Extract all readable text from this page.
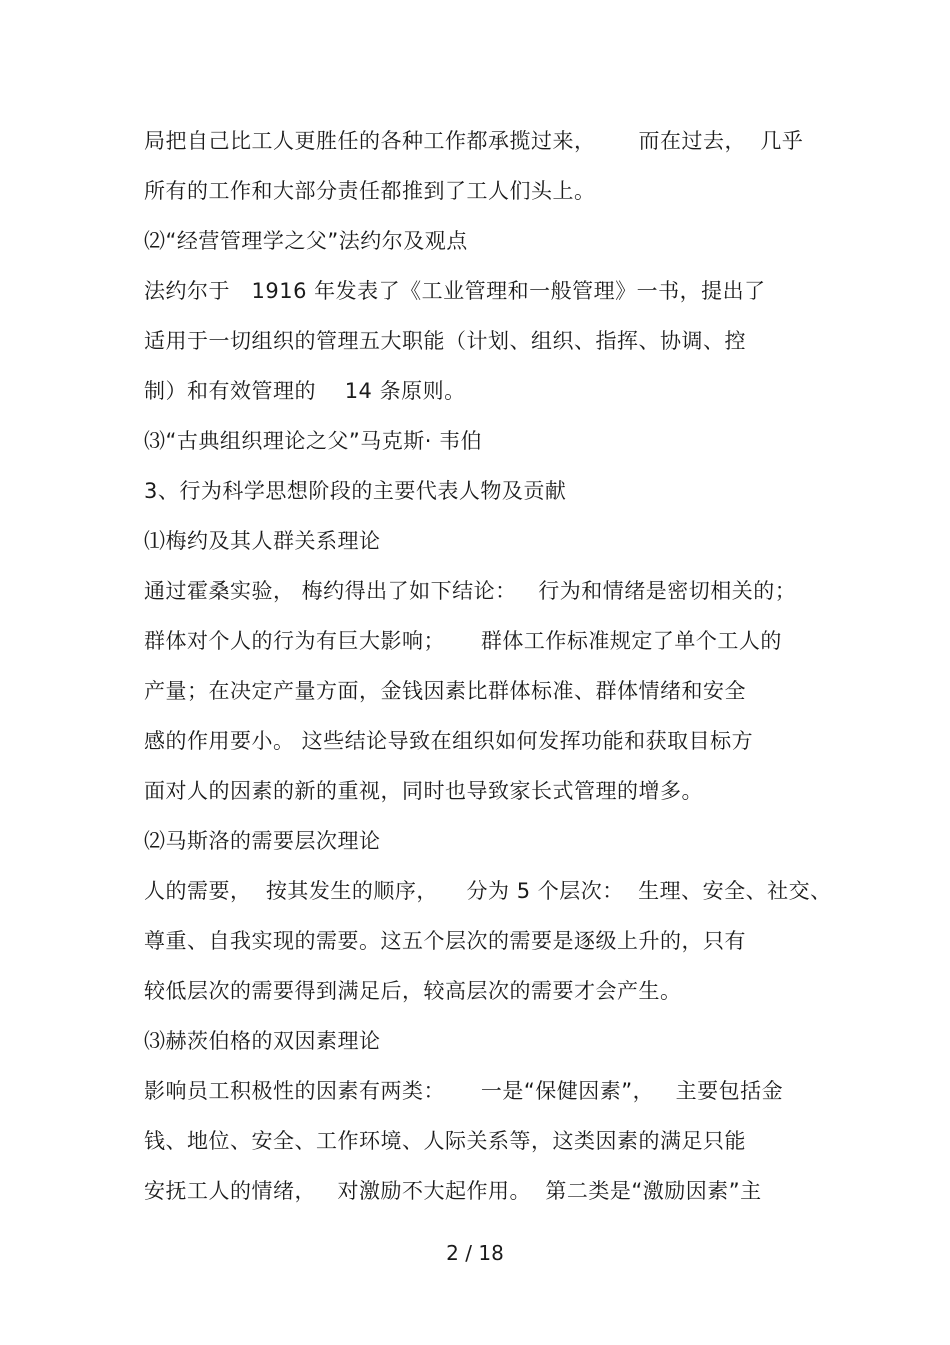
局把自己比工人更胜任的各种工作都承揽过来，      而在过去，  几乎
所有的工作和大部分责任都推到了工人们头上。
⑵“经营管理学之父”法约尔及观点
法约尔于   1916 年发表了《工业管理和一般管理》一书，提出了
适用于一切组织的管理五大职能（计划、组织、指挥、协调、控
制）和有效管理的    14 条原则。
⑶“古典组织理论之父”马克斯· 韦伯
3、行为科学思想阶段的主要代表人物及贡献
⑴梅约及其人群关系理论
通过霍桑实验， 梅约得出了如下结论：   行为和情绪是密切相关的；
群体对个人的行为有巨大影响；     群体工作标准规定了单个工人的
产量；在决定产量方面，金钱因素比群体标准、群体情绪和安全
感的作用要小。 这些结论导致在组织如何发挥功能和获取目标方
面对人的因素的新的重视，同时也导致家长式管理的增多。
⑵马斯洛的需要层次理论
人的需要，  按其发生的顺序，    分为 5 个层次：  生理、安全、社交、
尊重、自我实现的需要。这五个层次的需要是逐级上升的，只有
较低层次的需要得到满足后，较高层次的需要才会产生。
⑶赫茨伯格的双因素理论
影响员工积极性的因素有两类：     一是“保健因素”，   主要包括金
钱、地位、安全、工作环境、人际关系等，这类因素的满足只能
安抚工人的情绪，   对激励不大起作用。  第二类是“激励因素”主
2 / 18
